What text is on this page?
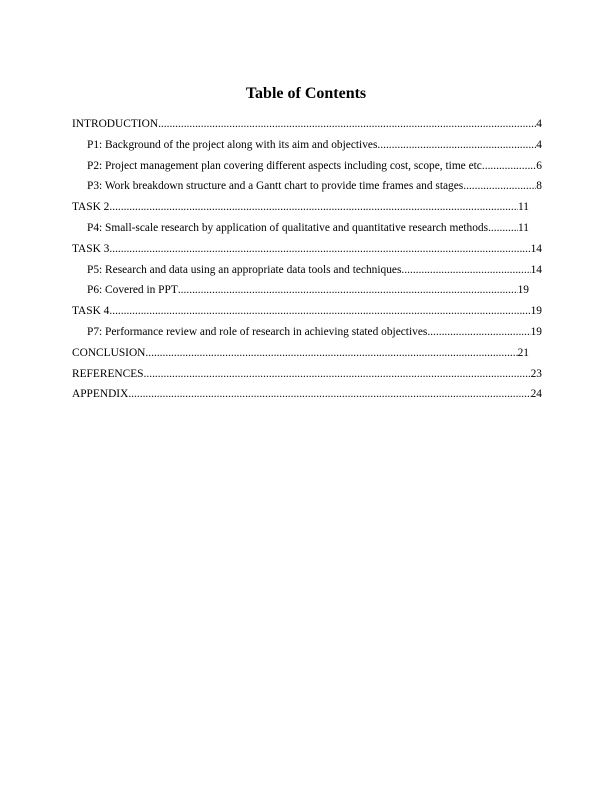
Table of Contents
INTRODUCTION .....	4
P1: Background of the project along with its aim and objectives .....	4
P2: Project management plan covering different aspects including cost, scope, time etc .....	6
P3: Work breakdown structure and a Gantt chart to provide time frames and stages .....	8
TASK 2 .....	11
P4: Small-scale research by application of qualitative and quantitative research methods .....	11
TASK 3 .....	14
P5: Research and data using an appropriate data tools and techniques .....	14
P6: Covered in PPT .....	19
TASK 4 .....	19
P7: Performance review and role of research in achieving stated objectives .....	19
CONCLUSION .....	21
REFERENCES .....	23
APPENDIX .....	24
